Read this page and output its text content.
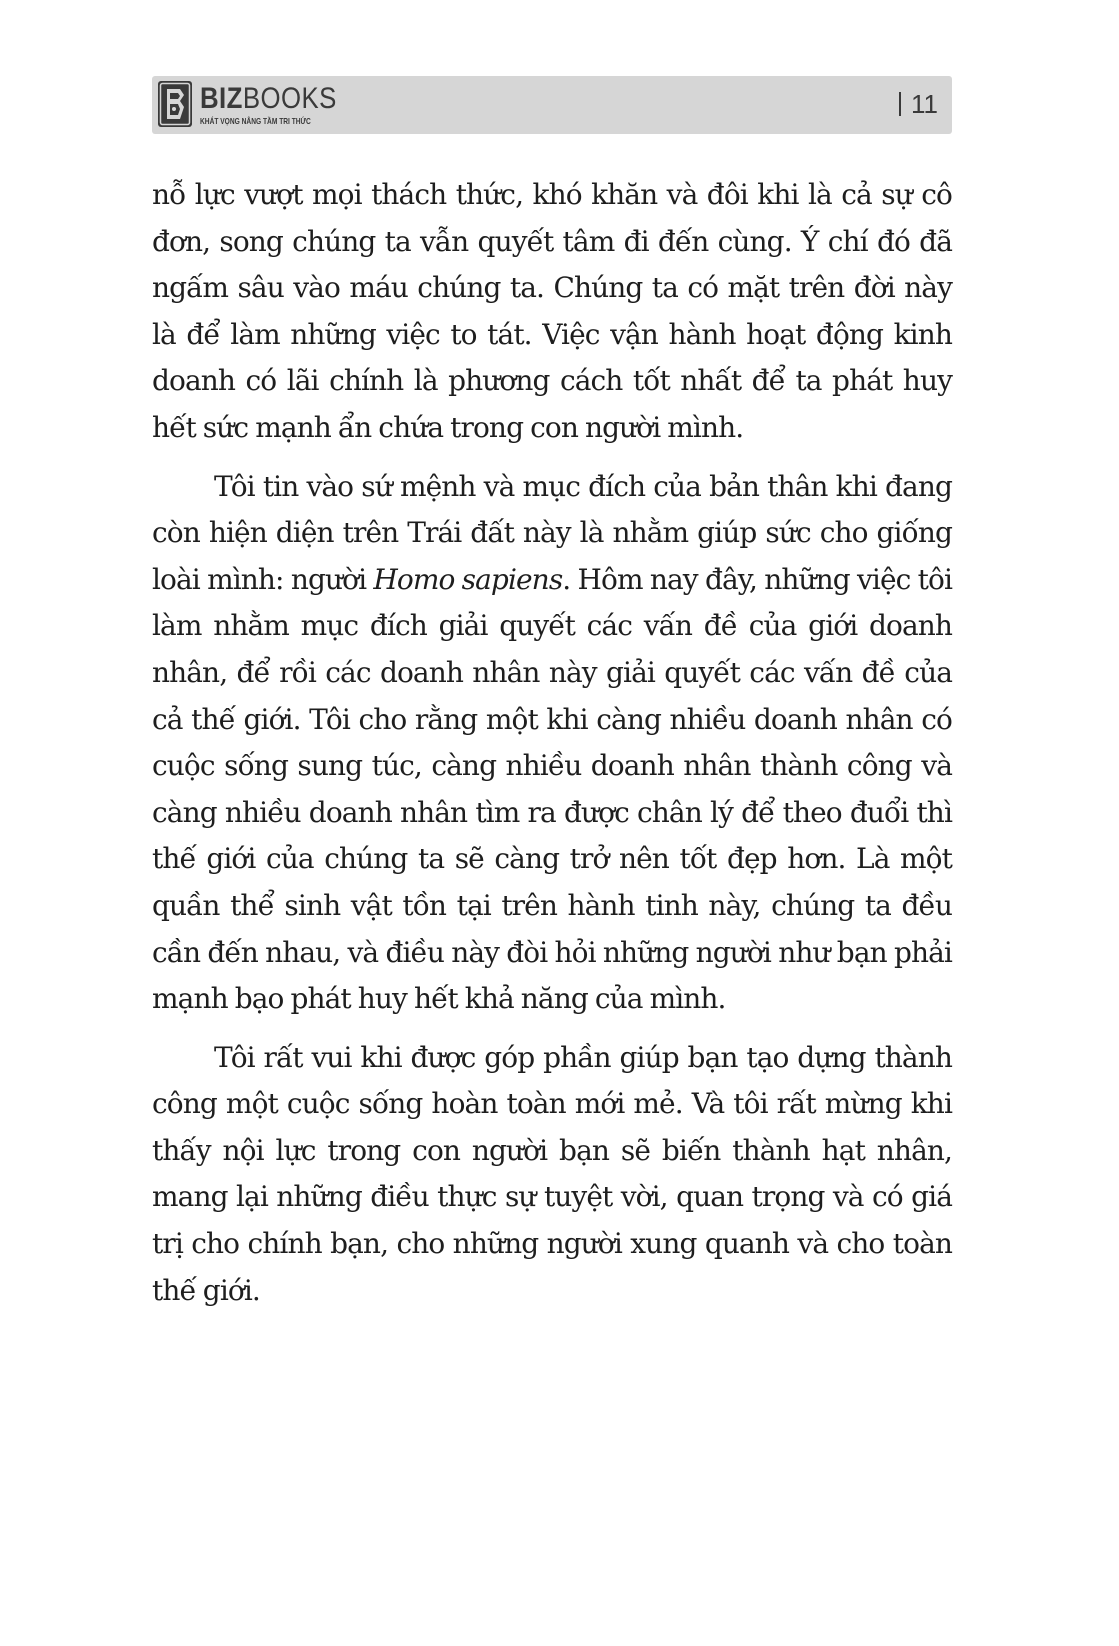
BIZBOOKS
KHÁT VỌNG NÂNG TẦM TRI THỨC
11

nỗ lực vượt mọi thách thức, khó khăn và đôi khi là cả sự cô đơn, song chúng ta vẫn quyết tâm đi đến cùng. Ý chí đó đã ngấm sâu vào máu chúng ta. Chúng ta có mặt trên đời này là để làm những việc to tát. Việc vận hành hoạt động kinh doanh có lãi chính là phương cách tốt nhất để ta phát huy hết sức mạnh ẩn chứa trong con người mình.

Tôi tin vào sứ mệnh và mục đích của bản thân khi đang còn hiện diện trên Trái đất này là nhằm giúp sức cho giống loài mình: người Homo sapiens. Hôm nay đây, những việc tôi làm nhằm mục đích giải quyết các vấn đề của giới doanh nhân, để rồi các doanh nhân này giải quyết các vấn đề của cả thế giới. Tôi cho rằng một khi càng nhiều doanh nhân có cuộc sống sung túc, càng nhiều doanh nhân thành công và càng nhiều doanh nhân tìm ra được chân lý để theo đuổi thì thế giới của chúng ta sẽ càng trở nên tốt đẹp hơn. Là một quần thể sinh vật tồn tại trên hành tinh này, chúng ta đều cần đến nhau, và điều này đòi hỏi những người như bạn phải mạnh bạo phát huy hết khả năng của mình.

Tôi rất vui khi được góp phần giúp bạn tạo dựng thành công một cuộc sống hoàn toàn mới mẻ. Và tôi rất mừng khi thấy nội lực trong con người bạn sẽ biến thành hạt nhân, mang lại những điều thực sự tuyệt vời, quan trọng và có giá trị cho chính bạn, cho những người xung quanh và cho toàn thế giới.
